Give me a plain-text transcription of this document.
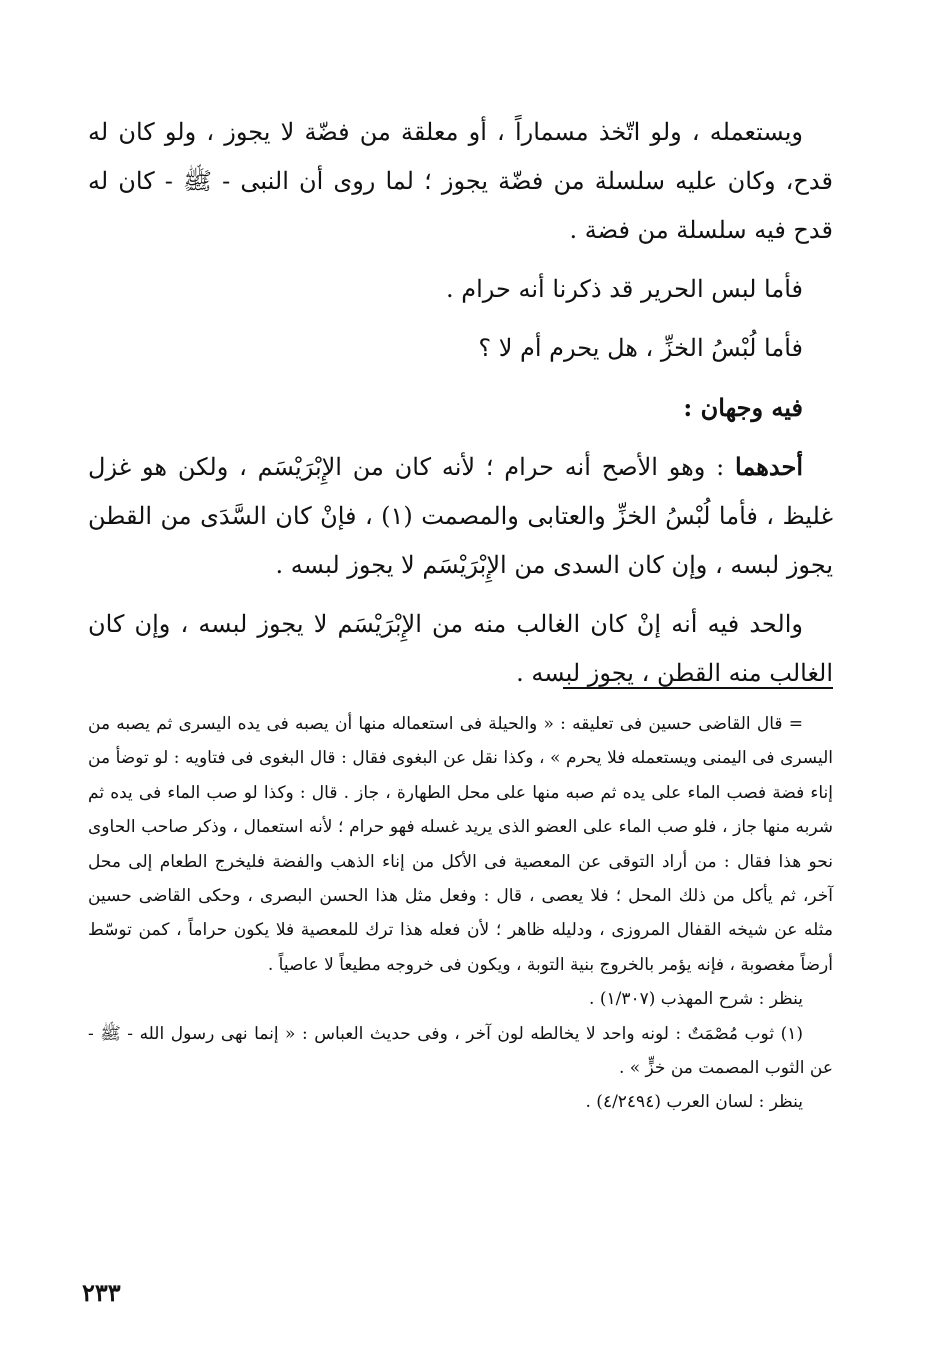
ويستعمله ، ولو اتّخذ مسماراً ، أو معلقة من فضّة لا يجوز ، ولو كان له قدح، وكان عليه سلسلة من فضّة يجوز ؛ لما روى أن النبى - ﷺ - كان له قدح فيه سلسلة من فضة .

فأما لبس الحرير قد ذكرنا أنه حرام .

فأما لُبْسُ الخزِّ ، هل يحرم أم لا ؟

فيه وجهان :

أحدهما : وهو الأصح أنه حرام ؛ لأنه كان من الإِبْرَيْسَم ، ولكن هو غزل غليظ ، فأما لُبْسُ الخزِّ والعتابى والمصمت (١) ، فإنْ كان السَّدَى من القطن يجوز لبسه ، وإن كان السدى من الإِبْرَيْسَم لا يجوز لبسه .

والحد فيه أنه إنْ كان الغالب منه من الإِبْرَيْسَم لا يجوز لبسه ، وإن كان الغالب منه القطن ، يجوز لبسه .

= قال القاضى حسين فى تعليقه : « والحيلة فى استعماله منها أن يصبه فى يده اليسرى ثم يصبه من اليسرى فى اليمنى ويستعمله فلا يحرم » ، وكذا نقل عن البغوى فقال : قال البغوى فى فتاويه : لو توضأ من إناء فضة فصب الماء على يده ثم صبه منها على محل الطهارة ، جاز . قال : وكذا لو صب الماء فى يده ثم شربه منها جاز ، فلو صب الماء على العضو الذى يريد غسله فهو حرام ؛ لأنه استعمال ، وذكر صاحب الحاوى نحو هذا فقال : من أراد التوقى عن المعصية فى الأكل من إناء الذهب والفضة فليخرج الطعام إلى محل آخر، ثم يأكل من ذلك المحل ؛ فلا يعصى ، قال : وفعل مثل هذا الحسن البصرى ، وحكى القاضى حسين مثله عن شيخه القفال المروزى ، ودليله ظاهر ؛ لأن فعله هذا ترك للمعصية فلا يكون حراماً ، كمن توسّط أرضاً مغصوبة ، فإنه يؤمر بالخروج بنية التوبة ، ويكون فى خروجه مطيعاً لا عاصياً .

ينظر : شرح المهذب (١/٣٠٧) .

(١) ثوب مُصْمَتٌ : لونه واحد لا يخالطه لون آخر ، وفى حديث العباس : « إنما نهى رسول الله - ﷺ - عن الثوب المصمت من خزٍّ » .

ينظر : لسان العرب (٤/٢٤٩٤) .

٢٣٣
